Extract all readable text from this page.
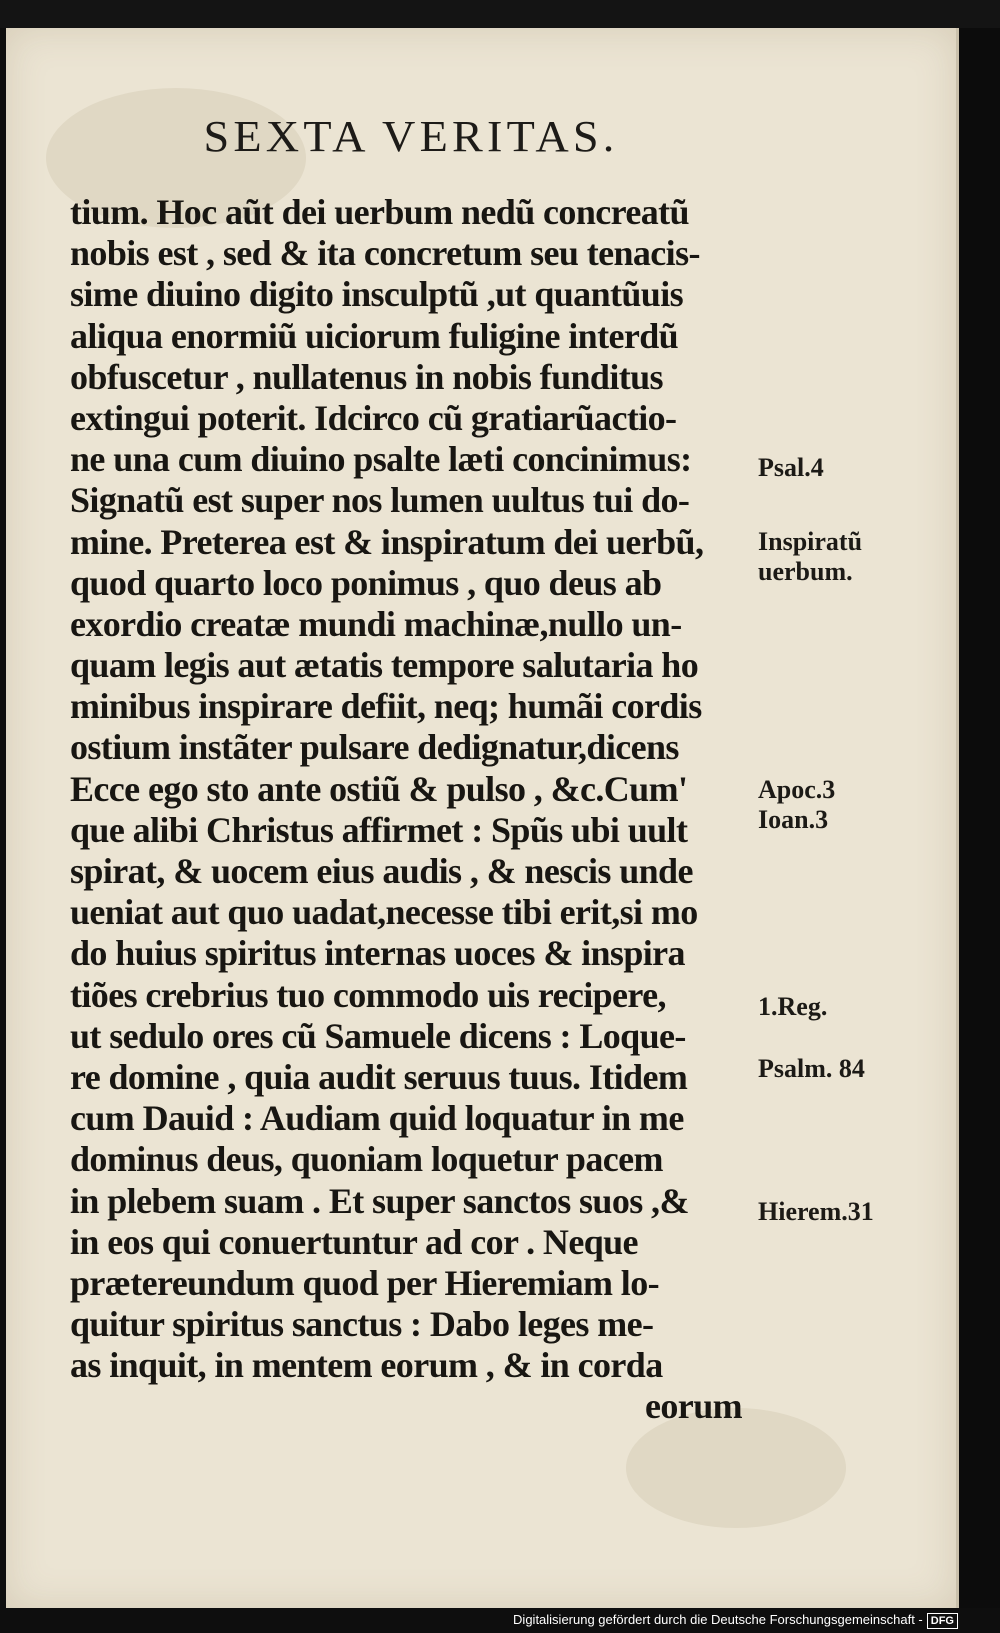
SEXTA VERITAS.
tium. Hoc aũt dei uerbum nedũ concreatũ
nobis est , sed & ita concretum seu tenacis-
sime diuino digito insculptũ ,ut quantũuis
aliqua enormiũ uiciorum fuligine interdũ
obfuscetur , nullatenus in nobis funditus
extingui poterit. Idcirco cũ gratiarũactio-
ne una cum diuino psalte læti concinimus:
Signatũ est super nos lumen uultus tui do-
mine. Preterea est & inspiratum dei uerbũ,
quod quarto loco ponimus , quo deus ab
exordio creatæ mundi machinæ,nullo un-
quam legis aut ætatis tempore salutaria ho
minibus inspirare defiit, neq; humãi cordis
ostium instãter pulsare dedignatur,dicens
Ecce ego sto ante ostiũ & pulso , &c.Cum'
que alibi Christus affirmet : Spũs ubi uult
spirat, & uocem eius audis , & nescis unde
ueniat aut quo uadat,necesse tibi erit,si mo
do huius spiritus internas uoces & inspira
tiões crebrius tuo commodo uis recipere,
ut sedulo ores cũ Samuele dicens : Loque-
re domine , quia audit seruus tuus. Itidem
cum Dauid : Audiam quid loquatur in me
dominus deus, quoniam loquetur pacem
in plebem suam . Et super sanctos suos ,&
in eos qui conuertuntur ad cor . Neque
prætereundum quod per Hieremiam lo-
quitur spiritus sanctus : Dabo leges me-
as inquit, in mentem eorum , & in corda
eorum
Psal.4
Inspiratũ
uerbum.
Apoc.3
Ioan.3
1.Reg.
Psalm. 84
Hierem.31
Digitalisierung gefördert durch die Deutsche Forschungsgemeinschaft - DFG
